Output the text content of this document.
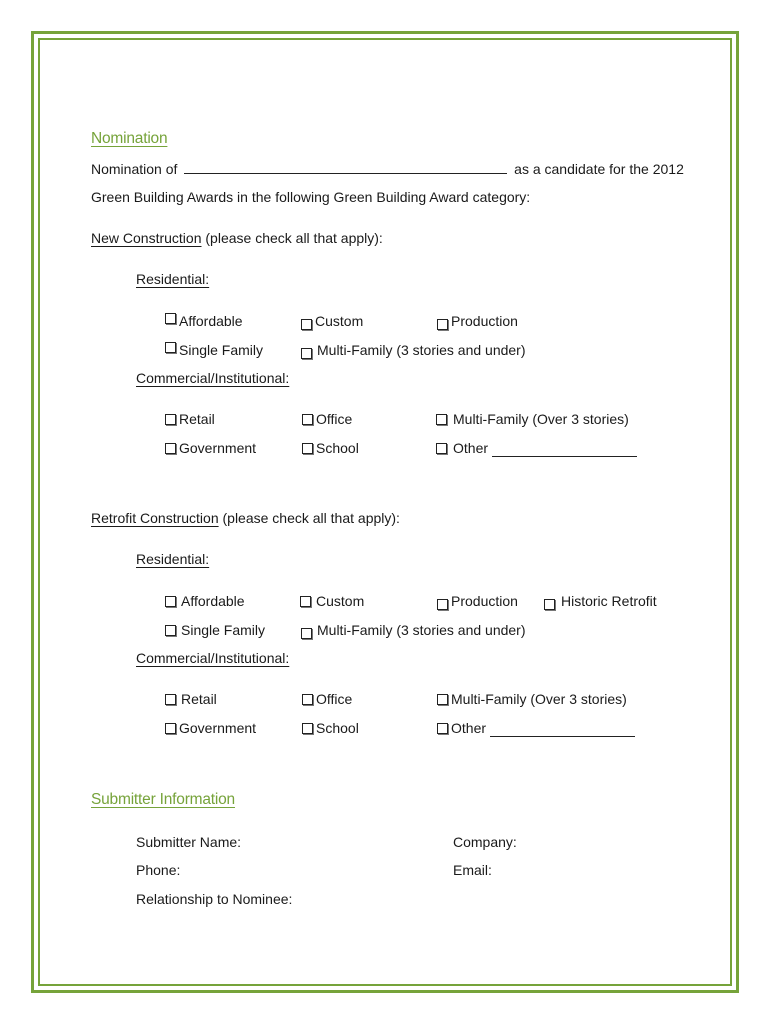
Nomination
Nomination of	as a candidate for the 2012
Green Building Awards in the following Green Building Award category:
New Construction (please check all that apply):
Residential:
Affordable	Custom	Production
Single Family	Multi-Family (3 stories and under)
Commercial/Institutional:
Retail	Office	Multi-Family (Over 3 stories)
Government	School	Other
Retrofit Construction (please check all that apply):
Residential:
Affordable	Custom	Production	Historic Retrofit
Single Family	Multi-Family (3 stories and under)
Commercial/Institutional:
Retail	Office	Multi-Family (Over 3 stories)
Government	School	Other
Submitter Information
Submitter Name:	Company:
Phone:	Email:
Relationship to Nominee:
